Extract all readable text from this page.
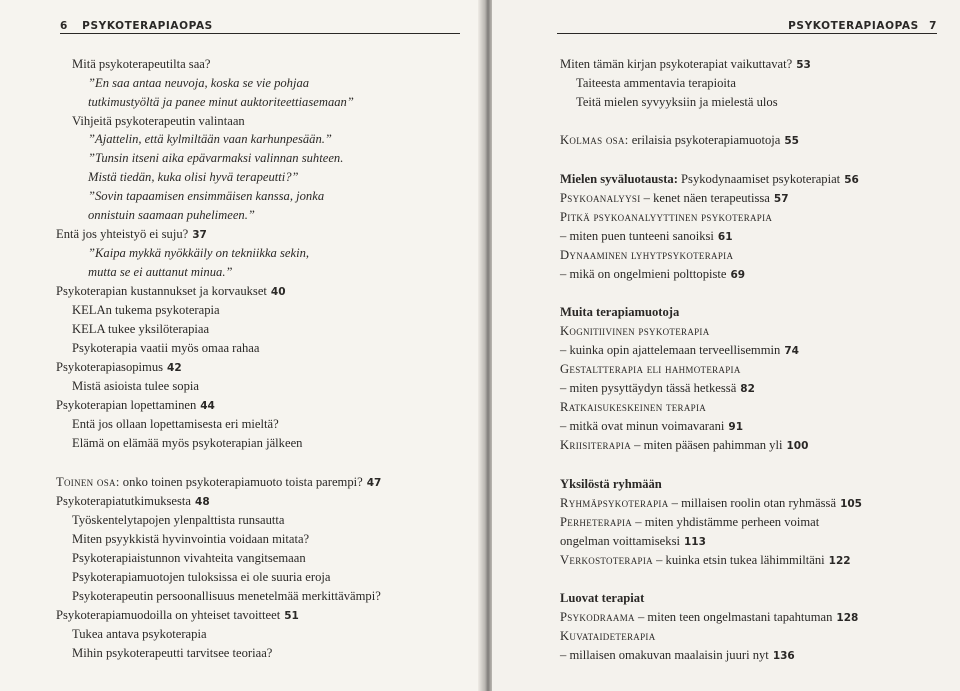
6 PSYKOTERAPIAOPAS
Mitä psykoterapeutilta saa?
”En saa antaa neuvoja, koska se vie pohjaa
tutkimustyöltä ja panee minut auktoriteettiasemaan”
Vihjeitä psykoterapeutin valintaan
”Ajattelin, että kylmiltään vaan karhunpesään.”
”Tunsin itseni aika epävarmaksi valinnan suhteen.
Mistä tiedän, kuka olisi hyvä terapeutti?”
”Sovin tapaamisen ensimmäisen kanssa, jonka
onnistuin saamaan puhelimeen.”
Entä jos yhteistyö ei suju? 37
”Kaipa mykkä nyökkäily on tekniikka sekin,
mutta se ei auttanut minua.”
Psykoterapian kustannukset ja korvaukset 40
KELAn tukema psykoterapia
KELA tukee yksilöterapiaa
Psykoterapia vaatii myös omaa rahaa
Psykoterapiasopimus 42
Mistä asioista tulee sopia
Psykoterapian lopettaminen 44
Entä jos ollaan lopettamisesta eri mieltä?
Elämä on elämää myös psykoterapian jälkeen
Toinen osa: onko toinen psykoterapiamuoto toista parempi? 47
Psykoterapiatutkimuksesta 48
Työskentelytapojen ylenpalttista runsautta
Miten psyykkistä hyvinvointia voidaan mitata?
Psykoterapiaistunnon vivahteita vangitsemaan
Psykoterapiamuotojen tuloksissa ei ole suuria eroja
Psykoterapeutin persoonallisuus menetelmää merkittävämpi?
Psykoterapiamuodoilla on yhteiset tavoitteet 51
Tukea antava psykoterapia
Mihin psykoterapeutti tarvitsee teoriaa?
PSYKOTERAPIAOPAS 7
Miten tämän kirjan psykoterapiat vaikuttavat? 53
Taiteesta ammentavia terapioita
Teitä mielen syvyyksiin ja mielestä ulos
Kolmas osa: erilaisia psykoterapiamuotoja 55
Mielen syväluotausta: Psykodynaamiset psykoterapiat 56
Psykoanalyysi – kenet näen terapeutissa 57
Pitkä psykoanalyyttinen psykoterapia
– miten puen tunteeni sanoiksi 61
Dynaaminen lyhytpsykoterapia
– mikä on ongelmieni polttopiste 69
Muita terapiamuotoja
Kognitiivinen psykoterapia
– kuinka opin ajattelemaan terveellisemmin 74
Gestaltterapia eli hahmoterapia
– miten pysyttäydyn tässä hetkessä 82
Ratkaisukeskeinen terapia
– mitkä ovat minun voimavarani 91
Kriisiterapia – miten pääsen pahimman yli 100
Yksilöstä ryhmään
Ryhmäpsykoterapia – millaisen roolin otan ryhmässä 105
Perheterapia – miten yhdistämme perheen voimat
ongelman voittamiseksi 113
Verkostoterapia – kuinka etsin tukea lähimmiltäni 122
Luovat terapiat
Psykodraama – miten teen ongelmastani tapahtuman 128
Kuvataideterapia
– millaisen omakuvan maalaisin juuri nyt 136
